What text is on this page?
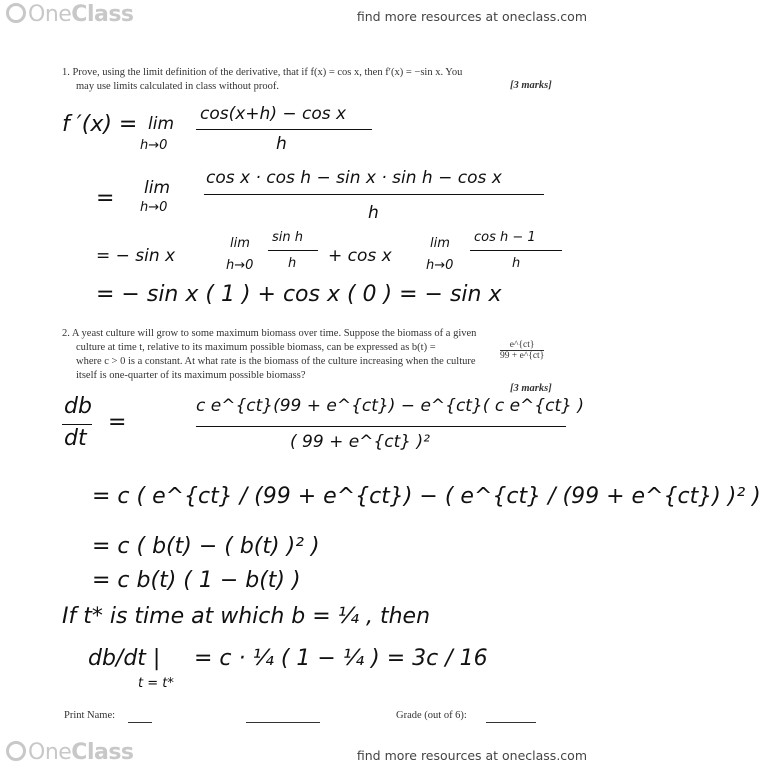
OneClass	find more resources at oneclass.com
1. Prove, using the limit definition of the derivative, that if f(x) = cos x, then f′(x) = −sin x. You
may use limits calculated in class without proof.	[3 marks]
f ′(x) = lim
h→0
cos(x+h) − cos x
h
= lim
h→0
cos x · cos h − sin x · sin h − cos x
h
= − sin x
lim
h→0
sin h
h + cos x
lim
h→0
cos h − 1
h
= − sin x ( 1 ) + cos x ( 0 ) = − sin x
2. A yeast culture will grow to some maximum biomass over time. Suppose the biomass of a given
culture at time t, relative to its maximum possible biomass, can be expressed as b(t) =	$\frac{e\^{}\{ct\}}{99 + e\^{}\{ct\}}$
where c > 0 is a constant. At what rate is the biomass of the culture increasing when the culture
itself is one-quarter of its maximum possible biomass?
[3 marks]
db
dt
=
c e^{ct}(99 + e^{ct}) − e^{ct}( c e^{ct} )
( 99 + e^{ct} )²
= c ( e^{ct} / (99 + e^{ct}) − ( e^{ct} / (99 + e^{ct}) )² )
= c ( b(t) − ( b(t) )² )
= c b(t) ( 1 − b(t) )
If t* is time at which b = ¼ , then
db/dt |
t = t*
= c · ¼ ( 1 − ¼ ) = 3c / 16
Print Name:	Grade (out of 6):
OneClass	find more resources at oneclass.com
